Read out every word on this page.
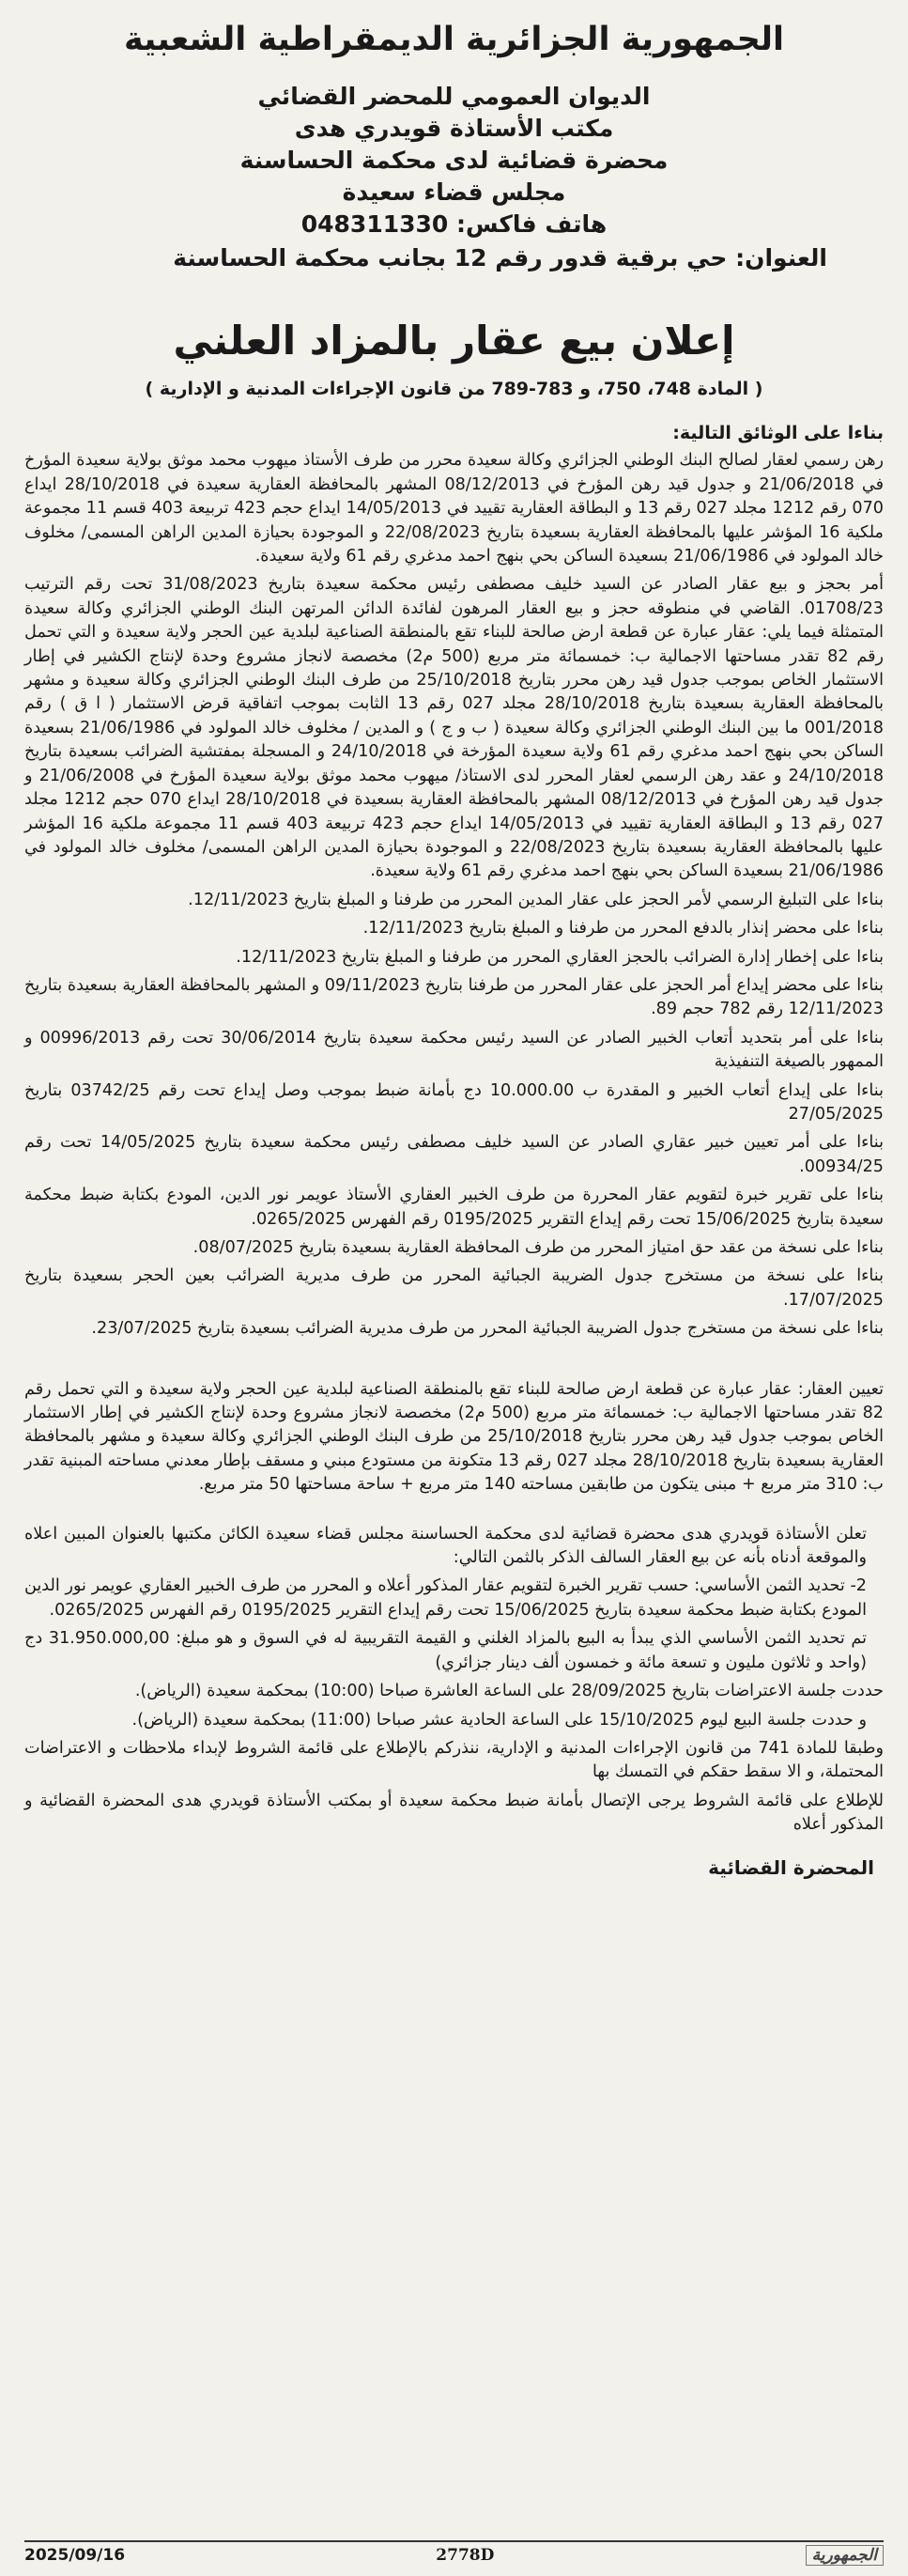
الجمهورية الجزائرية الديمقراطية الشعبية
الديوان العمومي للمحضر القضائي
مكتب الأستاذة قويدري هدى
محضرة قضائية لدى محكمة الحساسنة
مجلس قضاء سعيدة
هاتف فاكس: 048311330
العنوان: حي برقية قدور رقم 12 بجانب محكمة الحساسنة
إعلان بيع عقار بالمزاد العلني
( المادة 748، 750، و 783-789 من قانون الإجراءات المدنية و الإدارية )
بناءا على الوثائق التالية:

رهن رسمي لعقار لصالح البنك الوطني الجزائري وكالة سعيدة محرر من طرف الأستاذ ميهوب محمد موثق بولاية سعيدة المؤرخ في 21/06/2018 و جدول قيد رهن المؤرخ في 08/12/2013 المشهر بالمحافظة العقارية سعيدة في 28/10/2018 ايداع 070 رقم 1212 مجلد 027 رقم 13 و البطاقة العقارية تقييد في 14/05/2013 ايداع حجم 423 تربيعة 403 قسم 11 مجموعة ملكية 16 المؤشر عليها بالمحافظة العقارية بسعيدة بتاريخ 22/08/2023 و الموجودة بحيازة المدين الراهن المسمى/ مخلوف خالد المولود في 21/06/1986 بسعيدة الساكن بحي بنهج احمد مدغري رقم 61 ولاية سعيدة.

أمر بحجز و بيع عقار الصادر عن السيد خليف مصطفى رئيس محكمة سعيدة بتاريخ 31/08/2023 تحت رقم الترتيب 01708/23. القاضي في منطوقه حجز و بيع العقار المرهون لفائدة الدائن المرتهن البنك الوطني الجزائري وكالة سعيدة المتمثلة فيما يلي: عقار عبارة عن قطعة ارض صالحة للبناء تقع بالمنطقة الصناعية لبلدية عين الحجر ولاية سعيدة و التي تحمل رقم 82 تقدر مساحتها الاجمالية ب: خمسمائة متر مربع (500 م2) مخصصة لانجاز مشروع وحدة لإنتاج الكشير في إطار الاستثمار الخاص بموجب جدول قيد رهن محرر بتاريخ 25/10/2018 من طرف البنك الوطني الجزائري وكالة سعيدة و مشهر بالمحافظة العقارية بسعيدة بتاريخ 28/10/2018 مجلد 027 رقم 13 الثابت بموجب اتفاقية قرض الاستثمار ( ا ق ) رقم 001/2018 ما بين البنك الوطني الجزائري وكالة سعيدة ( ب و ج ) و المدين / مخلوف خالد المولود في 21/06/1986 بسعيدة الساكن بحي بنهج احمد مدغري رقم 61 ولاية سعيدة المؤرخة في 24/10/2018 و المسجلة بمفتشية الضرائب بسعيدة بتاريخ 24/10/2018 و عقد رهن الرسمي لعقار المحرر لدى الاستاذ/ ميهوب محمد موثق بولاية سعيدة المؤرخ في 21/06/2008 و جدول قيد رهن المؤرخ في 08/12/2013 المشهر بالمحافظة العقارية بسعيدة في 28/10/2018 ايداع 070 حجم 1212 مجلد 027 رقم 13 و البطاقة العقارية تقييد في 14/05/2013 ايداع حجم 423 تربيعة 403 قسم 11 مجموعة ملكية 16 المؤشر عليها بالمحافظة العقارية بسعيدة بتاريخ 22/08/2023 و الموجودة بحيازة المدين الراهن المسمى/ مخلوف خالد المولود في 21/06/1986 بسعيدة الساكن بحي بنهج احمد مدغري رقم 61 ولاية سعيدة.

بناءا على التبليغ الرسمي لأمر الحجز على عقار المدين المحرر من طرفنا و المبلغ بتاريخ 12/11/2023.

بناءا على محضر إنذار بالدفع المحرر من طرفنا و المبلغ بتاريخ 12/11/2023.

بناءا على إخطار إدارة الضرائب بالحجز العقاري المحرر من طرفنا و المبلغ بتاريخ 12/11/2023.

بناءا على محضر إيداع أمر الحجز على عقار المحرر من طرفنا بتاريخ 09/11/2023 و المشهر بالمحافظة العقارية بسعيدة بتاريخ 12/11/2023 رقم 782 حجم 89.

بناءا على أمر بتحديد أتعاب الخبير الصادر عن السيد رئيس محكمة سعيدة بتاريخ 30/06/2014 تحت رقم 00996/2013 و الممهور بالصيغة التنفيذية

بناءا على إيداع أتعاب الخبير و المقدرة ب 10.000.00 دج بأمانة ضبط بموجب وصل إيداع تحت رقم 03742/25 بتاريخ 27/05/2025

بناءا على أمر تعيين خبير عقاري الصادر عن السيد خليف مصطفى رئيس محكمة سعيدة بتاريخ 14/05/2025 تحت رقم 00934/25.

بناءا على تقرير خبرة لتقويم عقار المحررة من طرف الخبير العقاري الأستاذ عويمر نور الدين، المودع بكتابة ضبط محكمة سعيدة بتاريخ 15/06/2025 تحت رقم إيداع التقرير 0195/2025 رقم الفهرس 0265/2025.

بناءا على نسخة من عقد حق امتياز المحرر من طرف المحافظة العقارية بسعيدة بتاريخ 08/07/2025.

بناءا على نسخة من مستخرج جدول الضريبة الجبائية المحرر من طرف مديرية الضرائب بعين الحجر بسعيدة بتاريخ 17/07/2025.

بناءا على نسخة من مستخرج جدول الضريبة الجبائية المحرر من طرف مديرية الضرائب بسعيدة بتاريخ 23/07/2025.

تعيين العقار: عقار عبارة عن قطعة ارض صالحة للبناء تقع بالمنطقة الصناعية لبلدية عين الحجر ولاية سعيدة و التي تحمل رقم 82 تقدر مساحتها الاجمالية ب: خمسمائة متر مربع (500 م2) مخصصة لانجاز مشروع وحدة لإنتاج الكشير في إطار الاستثمار الخاص بموجب جدول قيد رهن محرر بتاريخ 25/10/2018 من طرف البنك الوطني الجزائري وكالة سعيدة و مشهر بالمحافظة العقارية بسعيدة بتاريخ 28/10/2018 مجلد 027 رقم 13 متكونة من مستودع مبني و مسقف بإطار معدني مساحته المبنية تقدر ب: 310 متر مربع + مبنى يتكون من طابقين مساحته 140 متر مربع + ساحة مساحتها 50 متر مربع.

تعلن الأستاذة قويدري هدى محضرة قضائية لدى محكمة الحساسنة مجلس قضاء سعيدة الكائن مكتبها بالعنوان المبين اعلاه والموقعة أدناه بأنه عن بيع العقار السالف الذكر بالثمن التالي:

2- تحديد الثمن الأساسي: حسب تقرير الخبرة لتقويم عقار المذكور أعلاه و المحرر من طرف الخبير العقاري عويمر نور الدين المودع بكتابة ضبط محكمة سعيدة بتاريخ 15/06/2025 تحت رقم إيداع التقرير 0195/2025 رقم الفهرس 0265/2025.

تم تحديد الثمن الأساسي الذي يبدأ به البيع بالمزاد الغلني و القيمة التقريبية له في السوق و هو مبلغ: 31.950.000,00 دج (واحد و ثلاثون مليون و تسعة مائة و خمسون ألف دينار جزائري)

حددت جلسة الاعتراضات بتاريخ 28/09/2025 على الساعة العاشرة صباحا (10:00) بمحكمة سعيدة (الرياض).

و حددت جلسة البيع ليوم 15/10/2025 على الساعة الحادية عشر صباحا (11:00) بمحكمة سعيدة (الرياض).

وطبقا للمادة 741 من قانون الإجراءات المدنية و الإدارية، ننذركم بالإطلاع على قائمة الشروط لإبداء ملاحظات و الاعتراضات المحتملة، و الا سقط حقكم في التمسك بها

للإطلاع على قائمة الشروط يرجى الإتصال بأمانة ضبط محكمة سعيدة أو بمكتب الأستاذة قويدري هدى المحضرة القضائية و المذكور أعلاه

المحضرة القضائية
الجمهورية
2778D
2025/09/16
